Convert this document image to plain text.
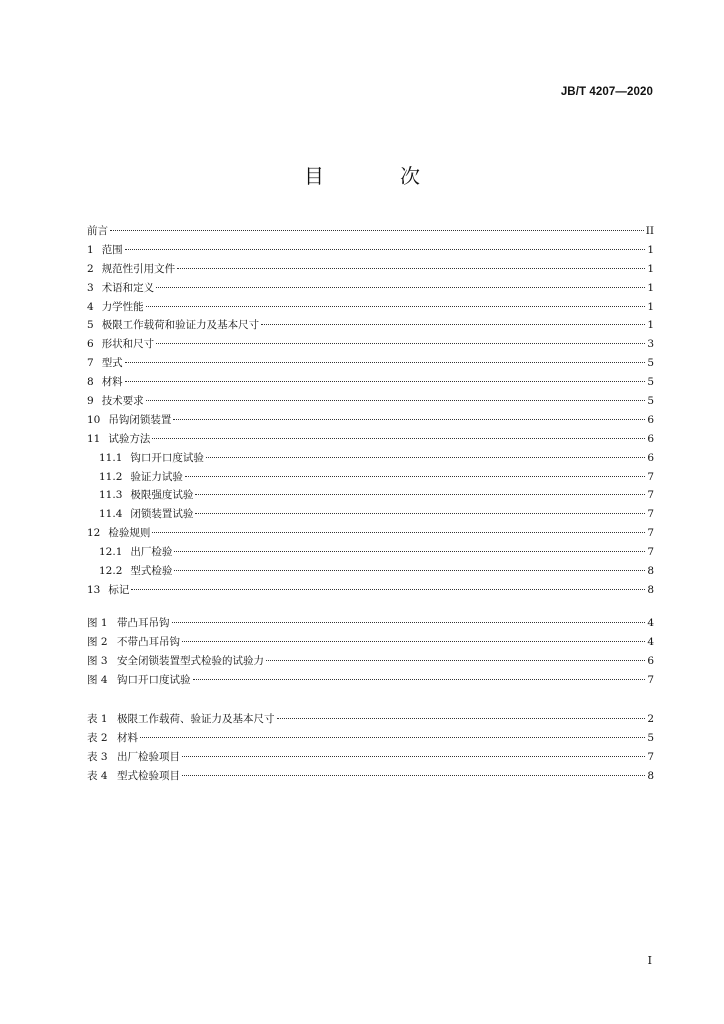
JB/T 4207—2020
目　次
前言	II
1 范围	1
2 规范性引用文件	1
3 术语和定义	1
4 力学性能	1
5 极限工作载荷和验证力及基本尺寸	1
6 形状和尺寸	3
7 型式	5
8 材料	5
9 技术要求	5
10 吊钩闭锁装置	6
11 试验方法	6
11.1 钩口开口度试验	6
11.2 验证力试验	7
11.3 极限强度试验	7
11.4 闭锁装置试验	7
12 检验规则	7
12.1 出厂检验	7
12.2 型式检验	8
13 标记	8
图 1 带凸耳吊钩	4
图 2 不带凸耳吊钩	4
图 3 安全闭锁装置型式检验的试验力	6
图 4 钩口开口度试验	7
表 1 极限工作载荷、验证力及基本尺寸	2
表 2 材料	5
表 3 出厂检验项目	7
表 4 型式检验项目	8
I
